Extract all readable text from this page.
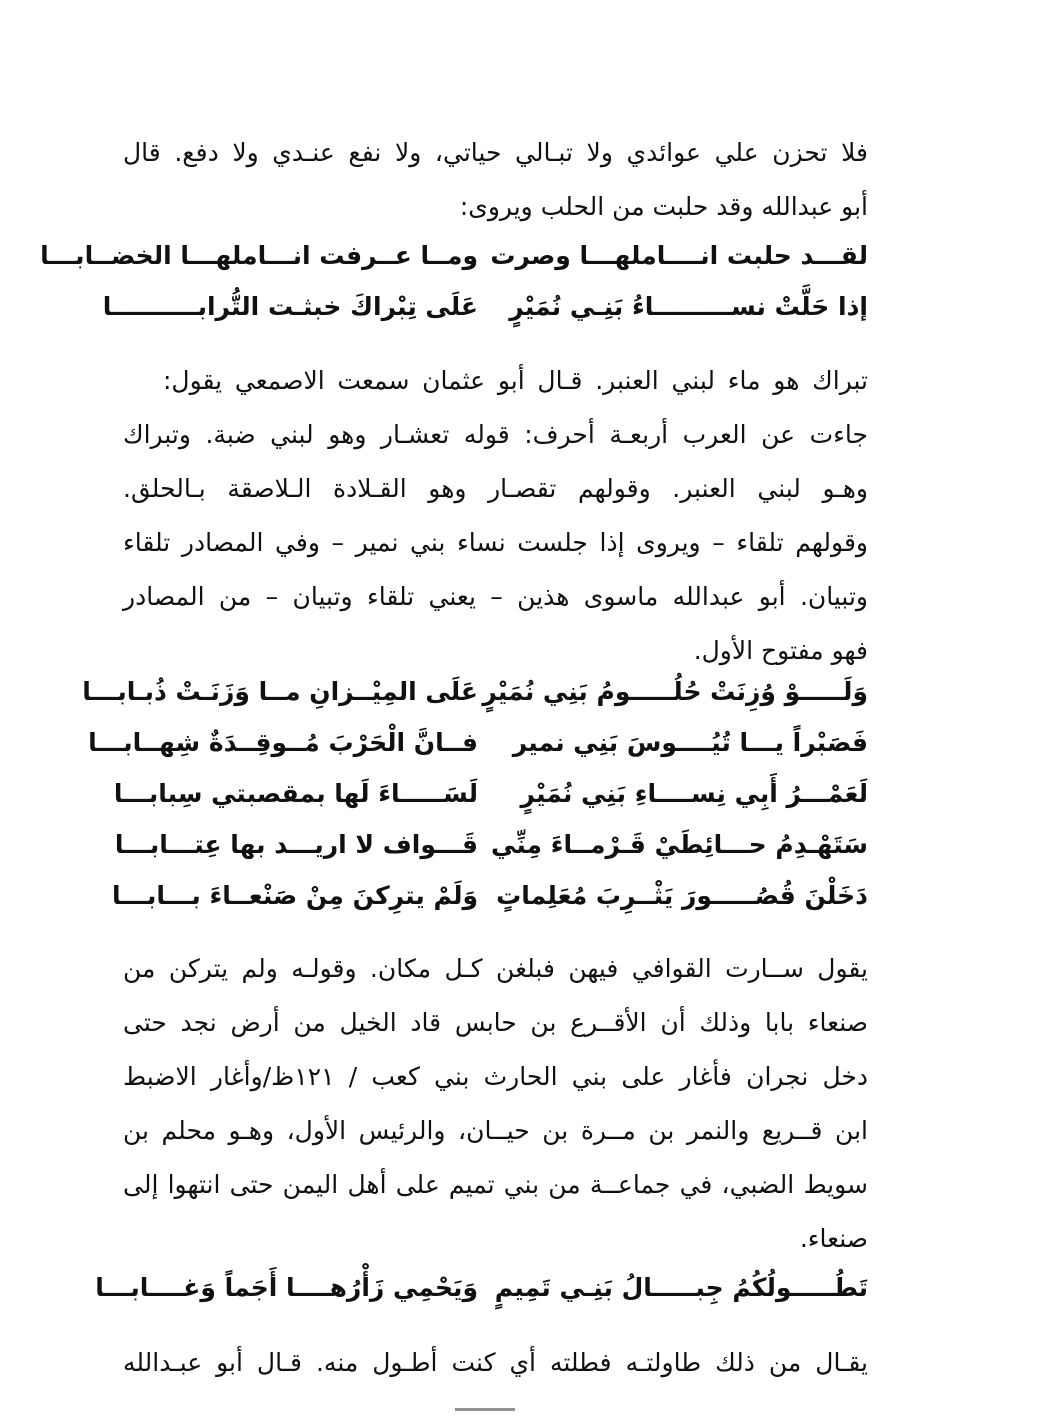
فلا تحزن علي عوائدي ولا تبـالي حياتي، ولا نفع عنـدي ولا دفع. قال
أبو عبدالله وقد حلبت من الحلب ويروى:
لقـــد حلبت انــــاملهـــا وصرت
ومــا عــرفت انـــاملهـــا الخضــابـــا
إذا حَلَّتْ نســـــــــاءُ بَنِـي نُمَيْرٍ
عَلَى تِبْراكَ خبثـت التُّرابــــــــــا
تبراك هو ماء لبني العنبر. قـال أبو عثمان سمعت الاصمعي يقول:
جاءت عن العرب أربعـة أحرف: قوله تعشـار وهو لبني ضبة. وتبراك
وهـو لبني العنبر. وقولهم تقصـار وهو القـلادة الـلاصقة بـالحلق.
وقولهم تلقاء – ويروى إذا جلست نساء بني نمير – وفي المصادر تلقاء
وتبيان. أبو عبدالله ماسوى هذين – يعني تلقاء وتبيان – من المصادر
فهو مفتوح الأول.
وَلَـــــوْ وُزِنَتْ حُلُـــــومُ بَنِي نُمَيْرٍ
عَلَى المِيْــزانِ مــا وَزَنَـتْ ذُبـابـــا
فَصَبْراً يـــا تُيُــــوسَ بَنِي نمير
فــانَّ الْحَرْبَ مُــوقِــدَةٌ شِهــابـــا
لَعَمْـــرُ أَبِي نِســــاءِ بَنِي نُمَيْرٍ
لَسَـــــاءَ لَها بمقصبتي سِبابـــا
سَتَهْـدِمُ حـــائِطَيْ قَـرْمــاءَ مِنِّي
قَـــواف لا اريـــد بها عِتـــابـــا
دَخَلْنَ قُصُـــــورَ يَثْــرِبَ مُعَلِماتٍ
وَلَمْ يترِكنَ مِنْ صَنْعــاءَ بـــابـــا
يقول ســارت القوافي فيهن فبلغن كـل مكان. وقولـه ولم يتركن من
صنعاء بابا وذلك أن الأقــرع بن حابس قاد الخيل من أرض نجد حتى
دخل نجران فأغار على بني الحارث بني كعب / ١٢١ظ/وأغار الاضبط
ابن قــريع والنمر بن مــرة بن حيــان، والرئيس الأول، وهـو محلم بن
سويط الضبي، في جماعــة من بني تميم على أهل اليمن حتى انتهوا إلى
صنعاء.
تَطُـــــولُكُمُ جِبـــــالُ بَنِـي تَمِيمٍ
وَيَحْمِي زَأْرُهــــا أَجَماً وَغــــابـــا
يقـال من ذلك طاولتـه فطلته أي كنت أطـول منه. قـال أبو عبـدالله
